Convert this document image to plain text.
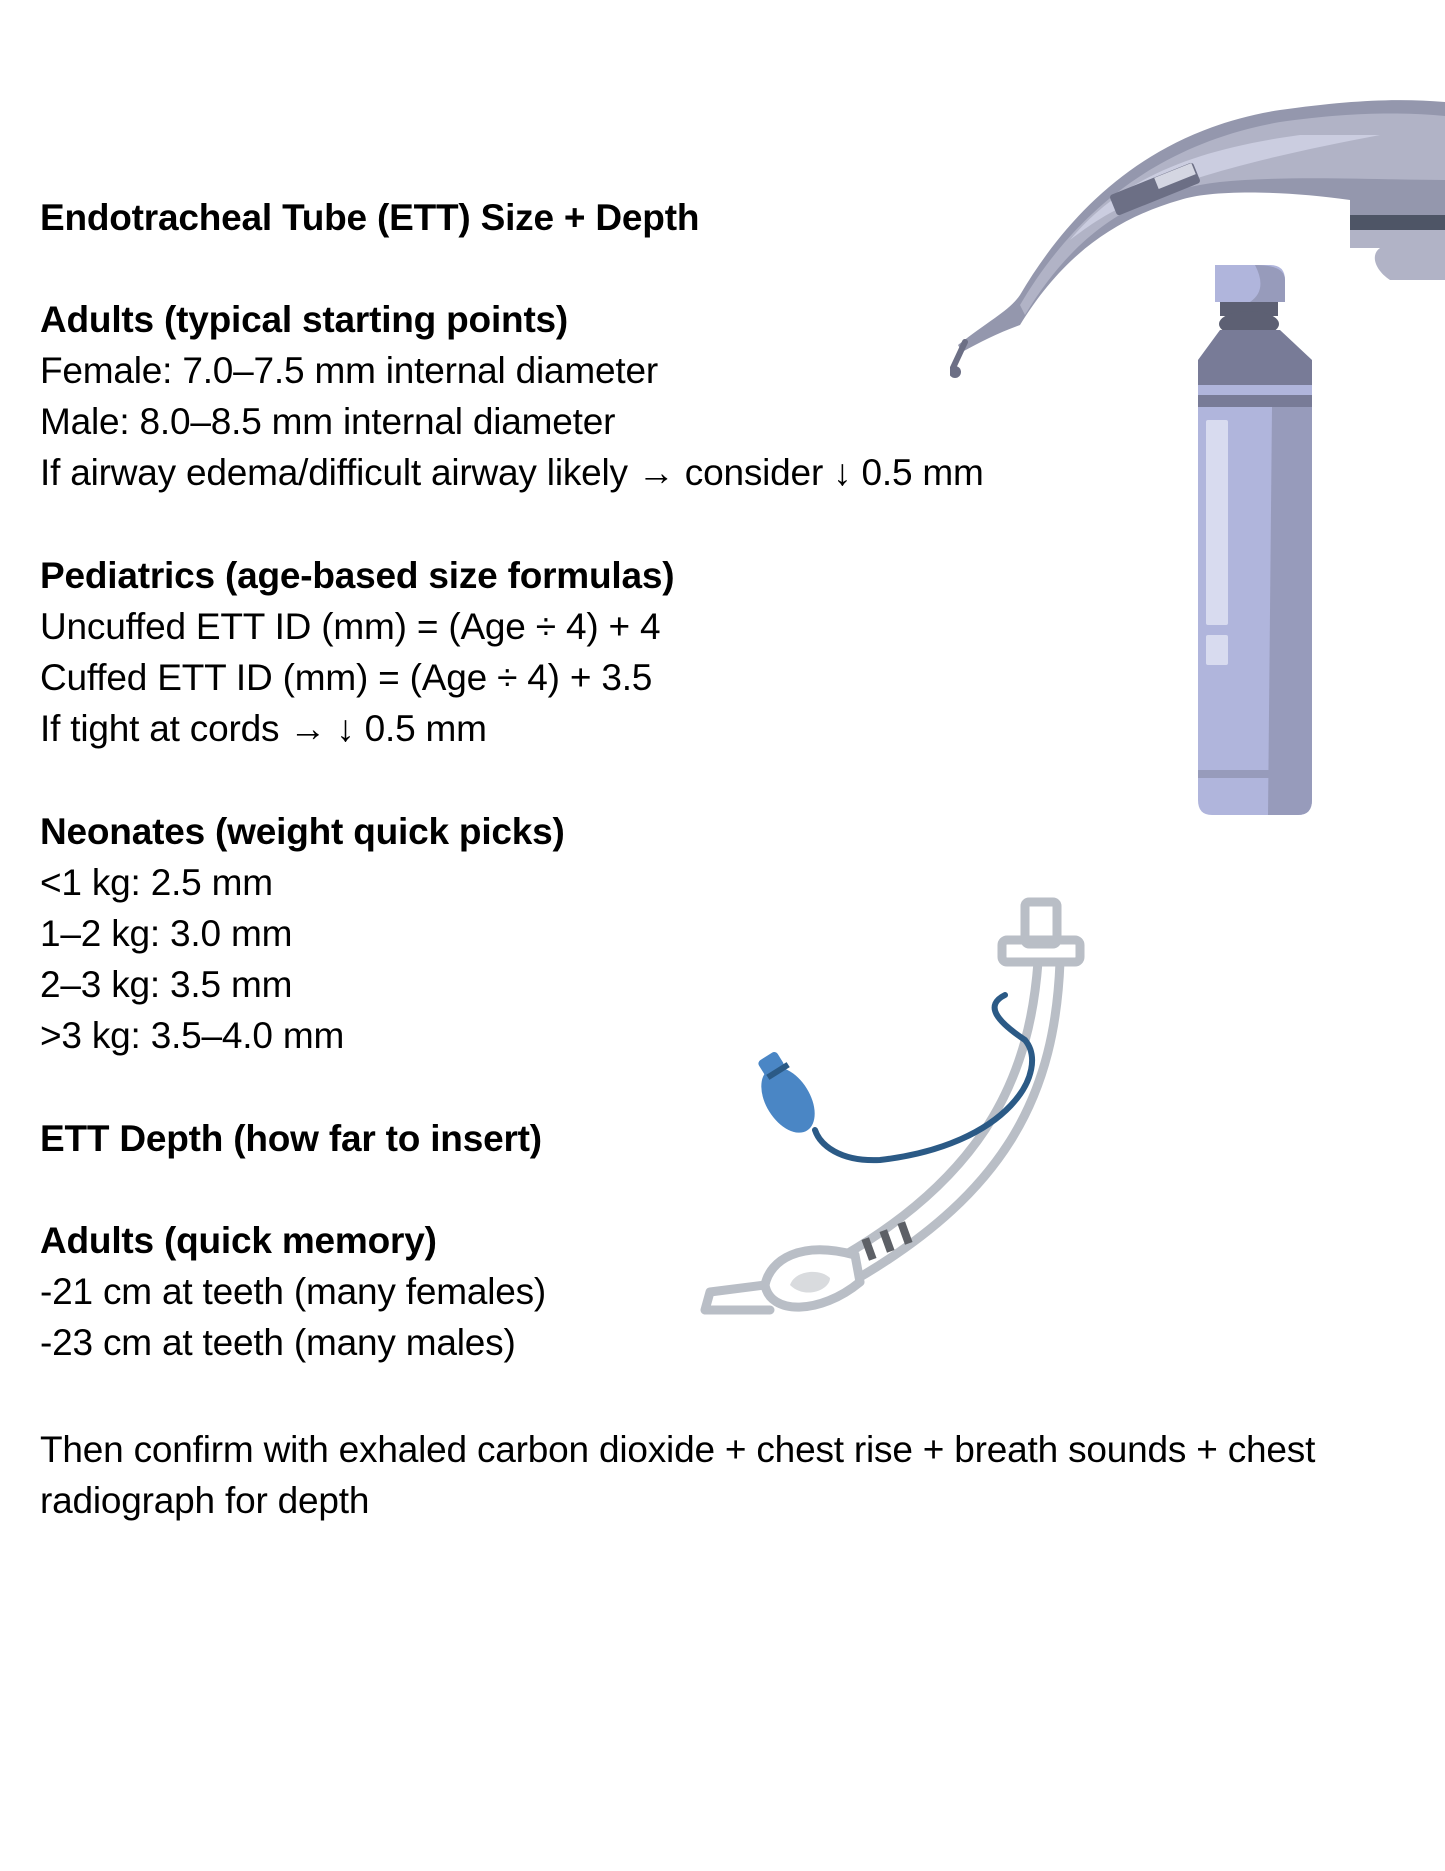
Endotracheal Tube (ETT) Size + Depth
Adults (typical starting points)
Female: 7.0–7.5 mm internal diameter
Male: 8.0–8.5 mm internal diameter
If airway edema/difficult airway likely → consider ↓ 0.5 mm
Pediatrics (age-based size formulas)
Uncuffed ETT ID (mm) = (Age ÷ 4) + 4
Cuffed ETT ID (mm) = (Age ÷ 4) + 3.5
If tight at cords → ↓ 0.5 mm
Neonates (weight quick picks)
<1 kg: 2.5 mm
1–2 kg: 3.0 mm
2–3 kg: 3.5 mm
>3 kg: 3.5–4.0 mm
ETT Depth (how far to insert)
Adults (quick memory)
-21 cm at teeth (many females)
-23 cm at teeth (many males)
Then confirm with exhaled carbon dioxide + chest rise + breath sounds + chest radiograph for depth
